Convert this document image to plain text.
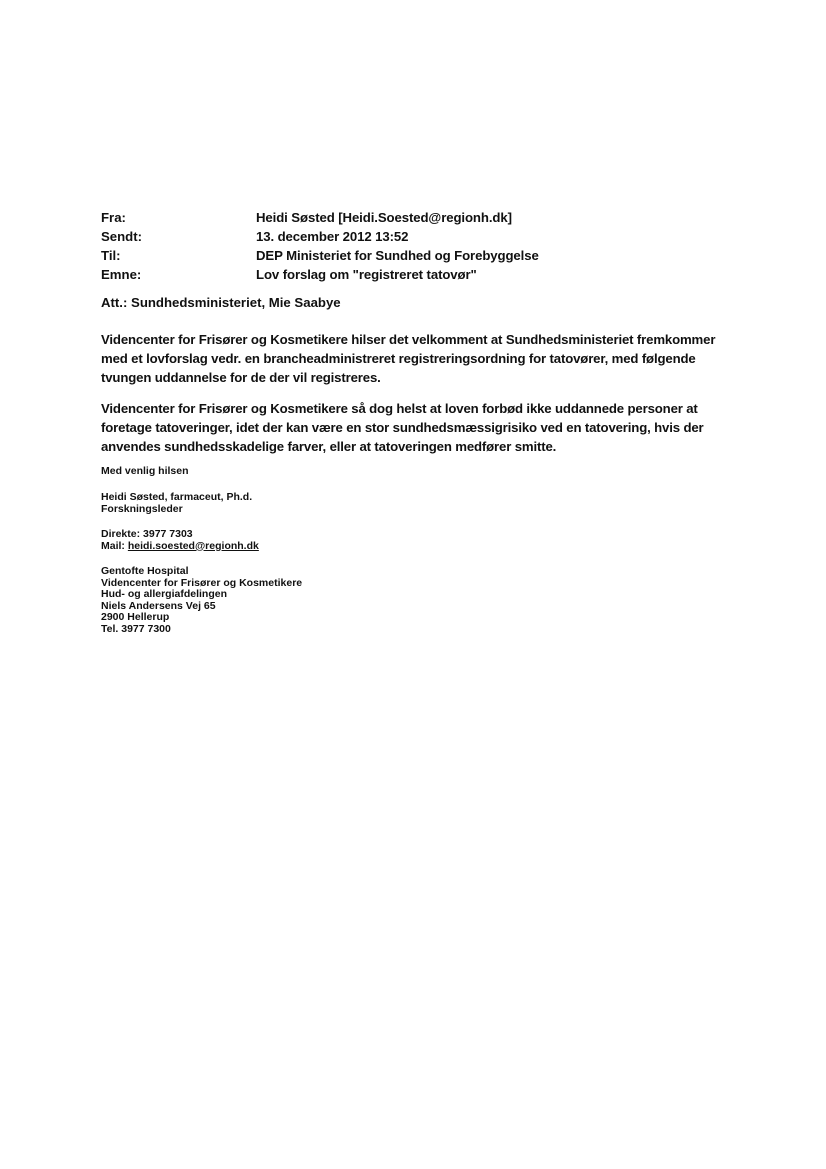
Fra:	Heidi Søsted [Heidi.Soested@regionh.dk]
Sendt:	13. december 2012 13:52
Til:	DEP Ministeriet for Sundhed og Forebyggelse
Emne:	Lov forslag om "registreret tatovør"
Att.: Sundhedsministeriet, Mie Saabye
Videncenter for Frisører og Kosmetikere hilser det velkomment at Sundhedsministeriet fremkommer med et lovforslag vedr. en brancheadministreret registreringsordning for tatovører, med følgende tvungen uddannelse for de der vil registreres.
Videncenter for Frisører og Kosmetikere så dog helst at loven forbød ikke uddannede personer at foretage tatoveringer, idet der kan være en stor sundhedsmæssigrisiko ved en tatovering, hvis der anvendes sundhedsskadelige farver, eller at tatoveringen medfører smitte.
Med venlig hilsen
Heidi Søsted, farmaceut, Ph.d.
Forskningsleder
Direkte: 3977 7303
Mail: heidi.soested@regionh.dk
Gentofte Hospital
Videncenter for Frisører og Kosmetikere
Hud- og allergiafdelingen
Niels Andersens Vej 65
2900 Hellerup
Tel. 3977 7300
